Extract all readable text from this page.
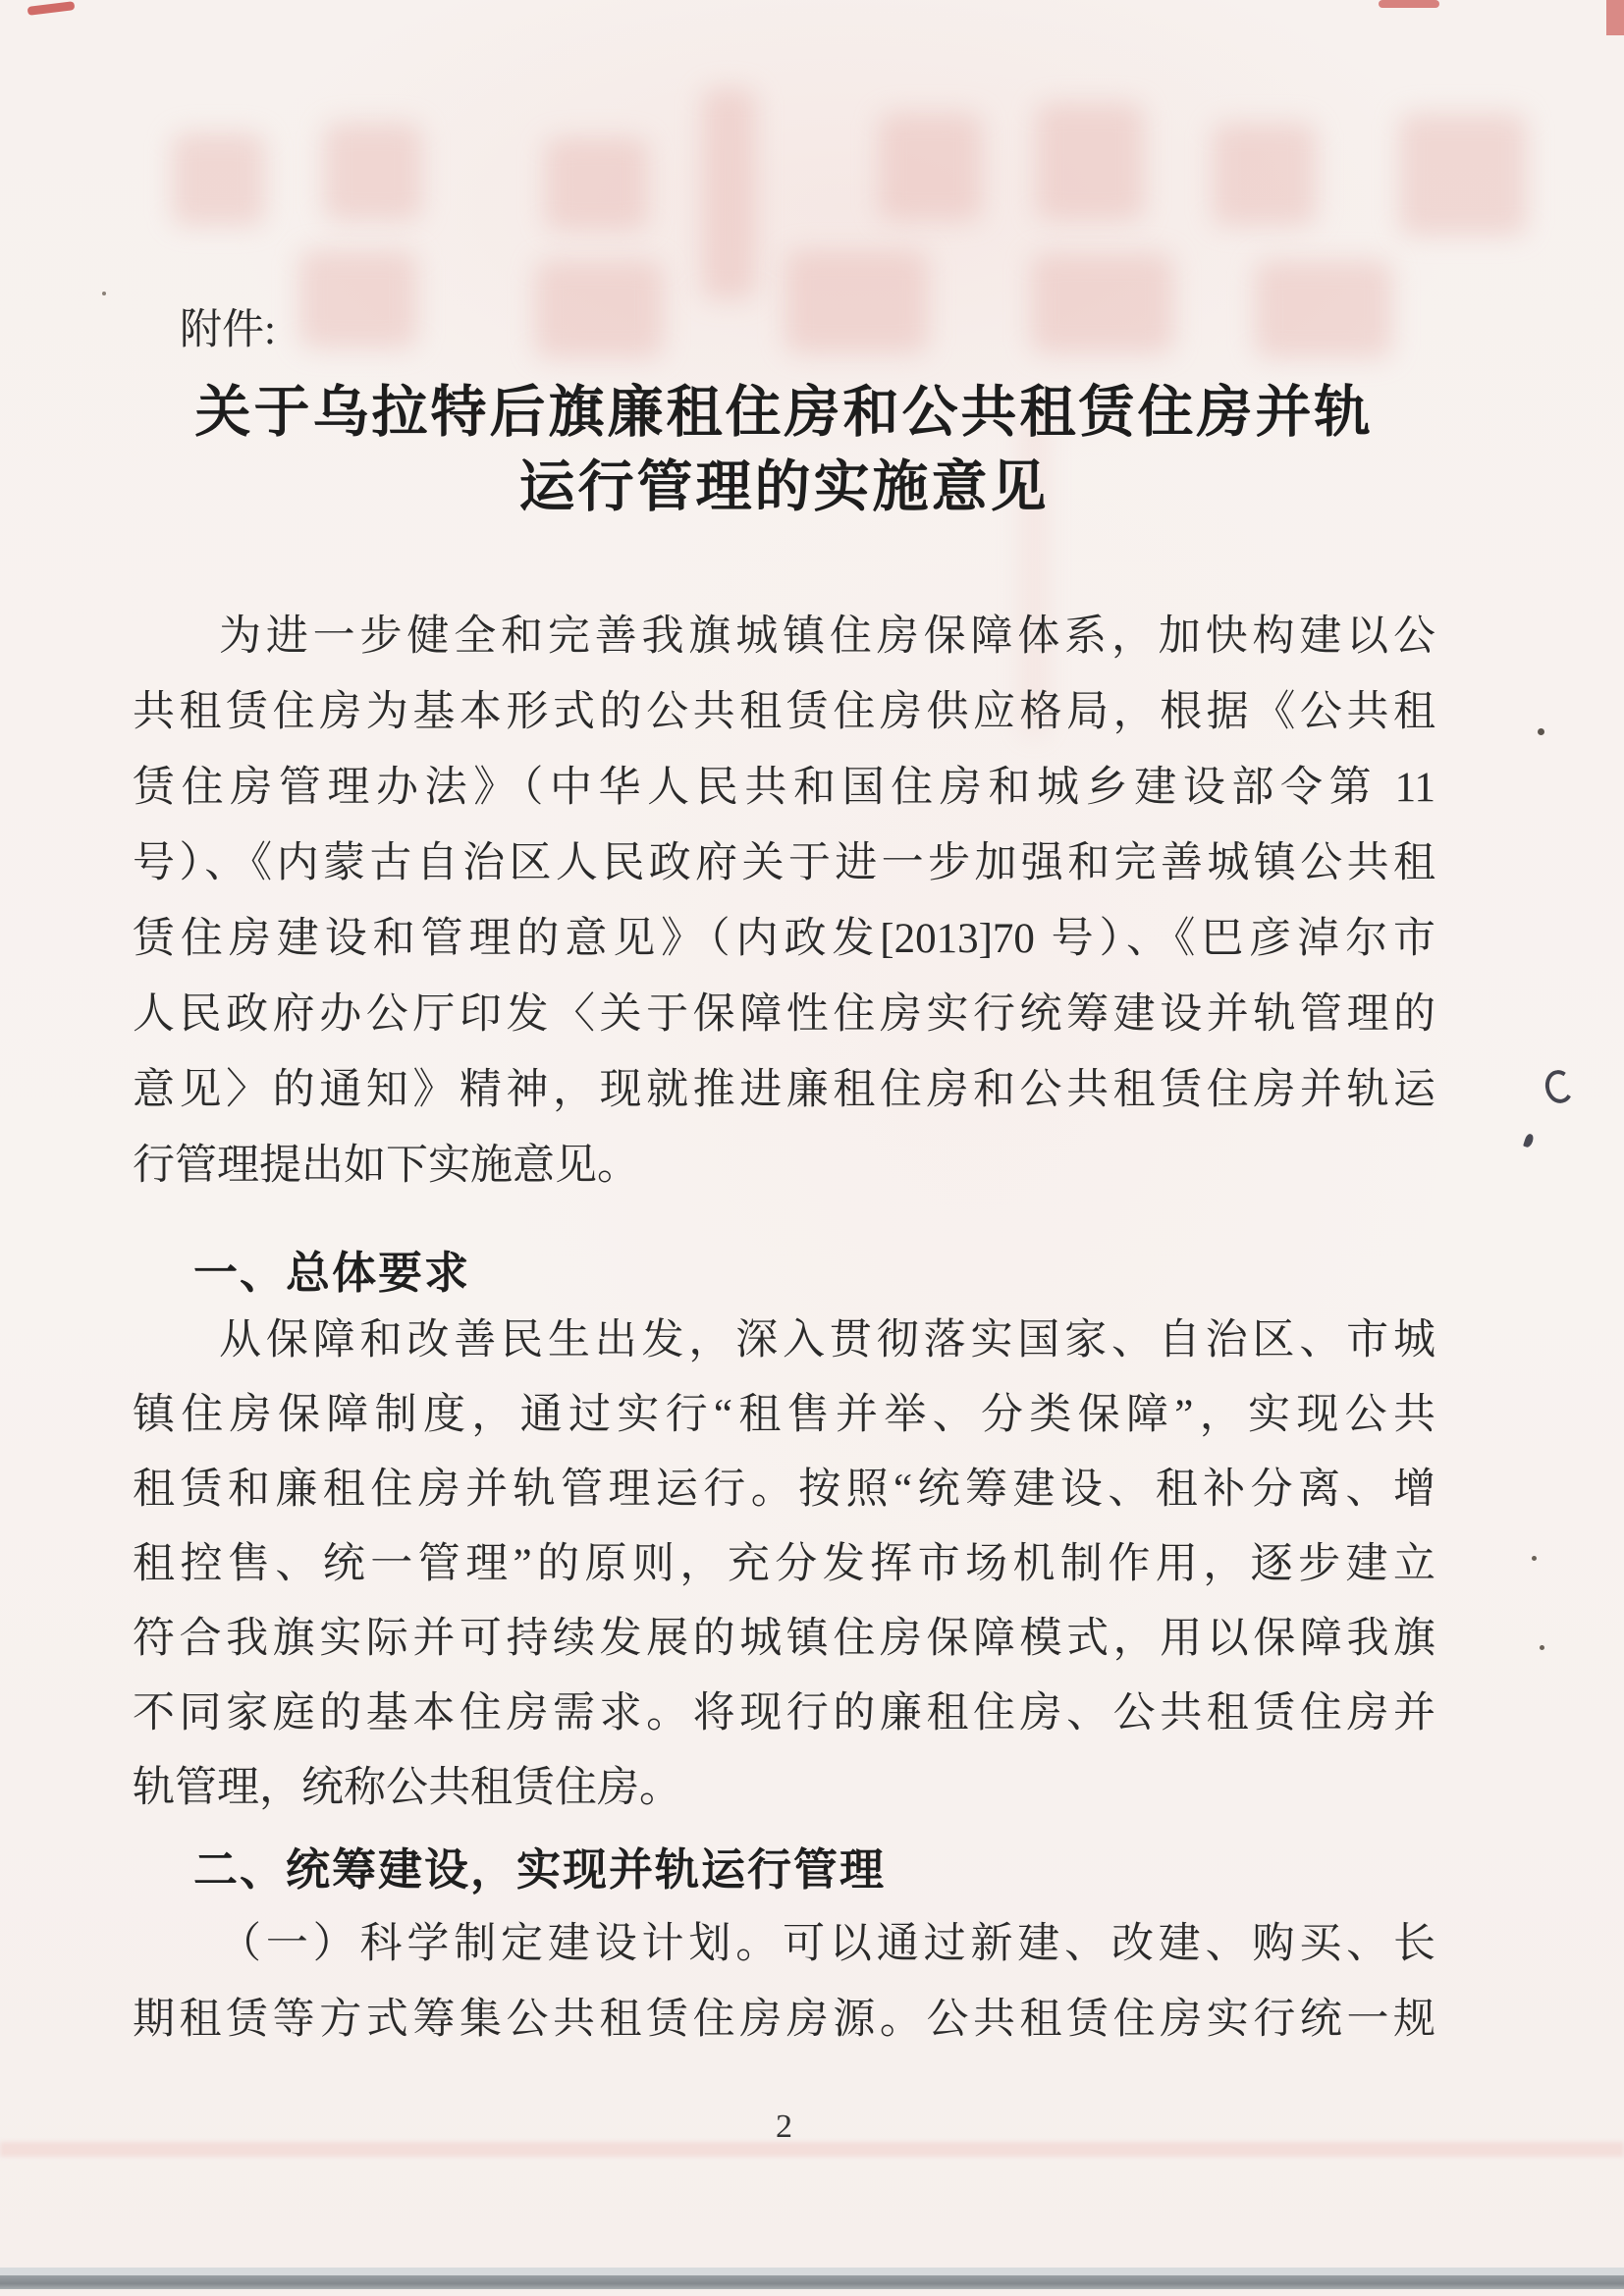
附件:
关于乌拉特后旗廉租住房和公共租赁住房并轨
运行管理的实施意见
为进一步健全和完善我旗城镇住房保障体系，加快构建以公
共租赁住房为基本形式的公共租赁住房供应格局，根据《公共租
赁住房管理办法》（中华人民共和国住房和城乡建设部令第 11
号）、《内蒙古自治区人民政府关于进一步加强和完善城镇公共租
赁住房建设和管理的意见》（内政发[2013]70 号）、《巴彦淖尔市
人民政府办公厅印发〈关于保障性住房实行统筹建设并轨管理的
意见〉的通知》精神，现就推进廉租住房和公共租赁住房并轨运
行管理提出如下实施意见。
一、总体要求
从保障和改善民生出发，深入贯彻落实国家、自治区、市城
镇住房保障制度，通过实行“租售并举、分类保障”，实现公共
租赁和廉租住房并轨管理运行。按照“统筹建设、租补分离、增
租控售、统一管理”的原则，充分发挥市场机制作用，逐步建立
符合我旗实际并可持续发展的城镇住房保障模式，用以保障我旗
不同家庭的基本住房需求。将现行的廉租住房、公共租赁住房并
轨管理，统称公共租赁住房。
二、统筹建设，实现并轨运行管理
（一）科学制定建设计划。可以通过新建、改建、购买、长
期租赁等方式筹集公共租赁住房房源。公共租赁住房实行统一规
2
